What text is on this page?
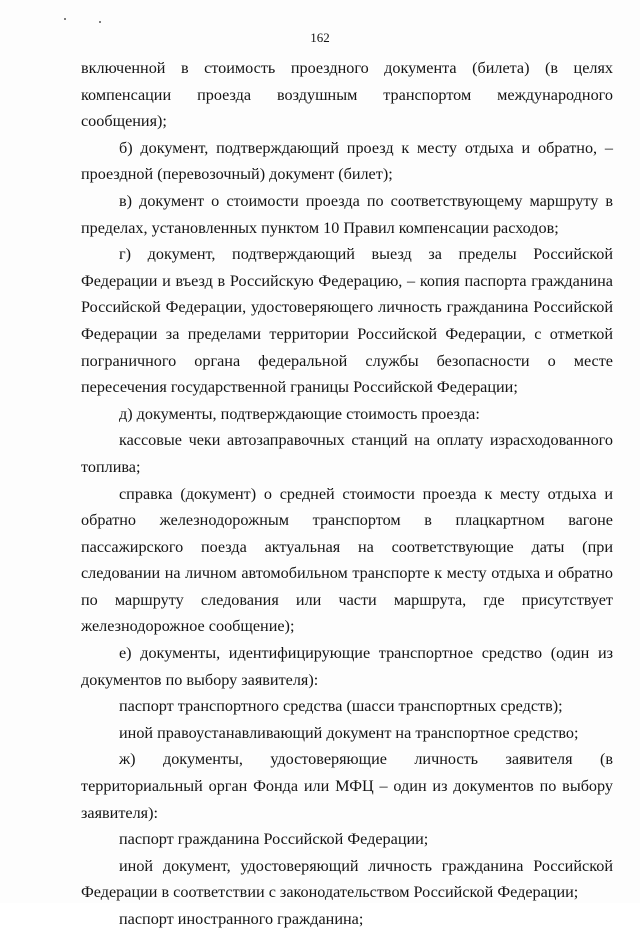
162

включенной в стоимость проездного документа (билета) (в целях компенсации проезда воздушным транспортом международного сообщения);

б) документ, подтверждающий проезд к месту отдыха и обратно, – проездной (перевозочный) документ (билет);

в) документ о стоимости проезда по соответствующему маршруту в пределах, установленных пунктом 10 Правил компенсации расходов;

г) документ, подтверждающий выезд за пределы Российской Федерации и въезд в Российскую Федерацию, – копия паспорта гражданина Российской Федерации, удостоверяющего личность гражданина Российской Федерации за пределами территории Российской Федерации, с отметкой пограничного органа федеральной службы безопасности о месте пересечения государственной границы Российской Федерации;

д) документы, подтверждающие стоимость проезда:

кассовые чеки автозаправочных станций на оплату израсходованного топлива;

справка (документ) о средней стоимости проезда к месту отдыха и обратно железнодорожным транспортом в плацкартном вагоне пассажирского поезда актуальная на соответствующие даты (при следовании на личном автомобильном транспорте к месту отдыха и обратно по маршруту следования или части маршрута, где присутствует железнодорожное сообщение);

е) документы, идентифицирующие транспортное средство (один из документов по выбору заявителя):

паспорт транспортного средства (шасси транспортных средств);

иной правоустанавливающий документ на транспортное средство;

ж) документы, удостоверяющие личность заявителя (в территориальный орган Фонда или МФЦ – один из документов по выбору заявителя):

паспорт гражданина Российской Федерации;

иной документ, удостоверяющий личность гражданина Российской Федерации в соответствии с законодательством Российской Федерации;

паспорт иностранного гражданина;
